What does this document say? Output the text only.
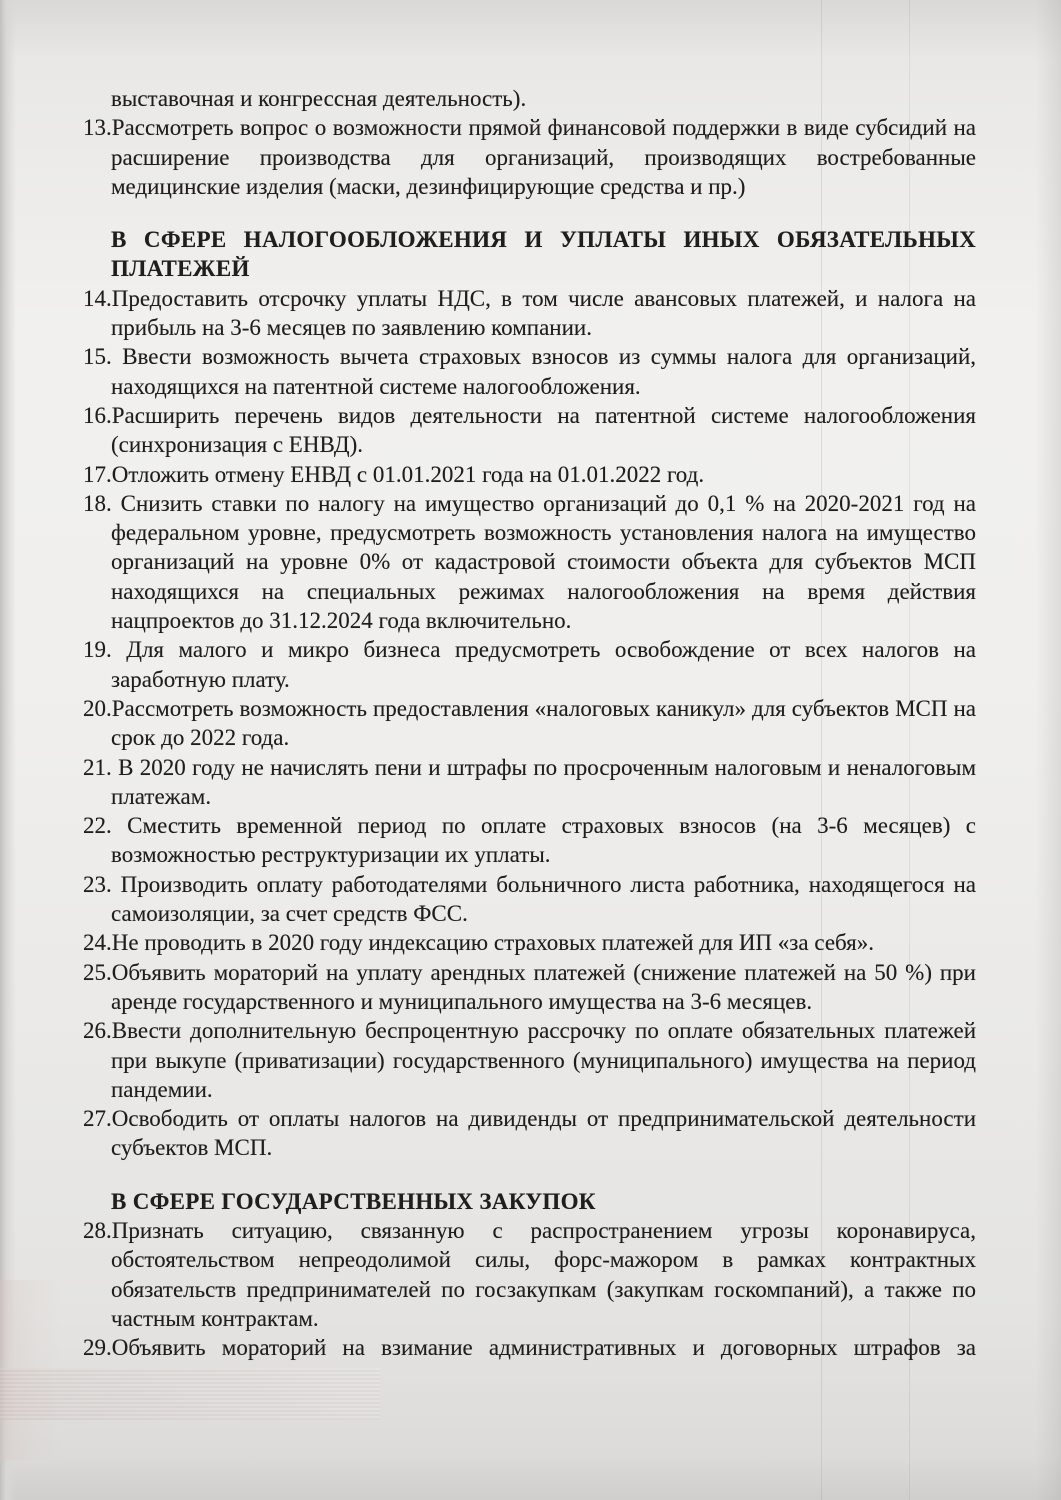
выставочная и конгрессная деятельность).
13.Рассмотреть вопрос о возможности прямой финансовой поддержки в виде субсидий на расширение производства для организаций, производящих востребованные медицинские изделия (маски, дезинфицирующие средства и пр.)
В СФЕРЕ НАЛОГООБЛОЖЕНИЯ И УПЛАТЫ ИНЫХ ОБЯЗАТЕЛЬНЫХ ПЛАТЕЖЕЙ
14.Предоставить отсрочку уплаты НДС, в том числе авансовых платежей, и налога на прибыль на 3-6 месяцев по заявлению компании.
15. Ввести возможность вычета страховых взносов из суммы налога для организаций, находящихся на патентной системе налогообложения.
16.Расширить перечень видов деятельности на патентной системе налогообложения (синхронизация с ЕНВД).
17.Отложить отмену ЕНВД с 01.01.2021 года на 01.01.2022 год.
18. Снизить ставки по налогу на имущество организаций до 0,1 % на 2020-2021 год на федеральном уровне, предусмотреть возможность установления налога на имущество организаций на уровне 0% от кадастровой стоимости объекта для субъектов МСП находящихся на специальных режимах налогообложения на время действия нацпроектов до 31.12.2024 года включительно.
19. Для малого и микро бизнеса предусмотреть освобождение от всех налогов на заработную плату.
20.Рассмотреть возможность предоставления «налоговых каникул» для субъектов МСП на срок до 2022 года.
21. В 2020 году не начислять пени и штрафы по просроченным налоговым и неналоговым платежам.
22. Сместить временной период по оплате страховых взносов (на 3-6 месяцев) с возможностью реструктуризации их уплаты.
23. Производить оплату работодателями больничного листа работника, находящегося на самоизоляции, за счет средств ФСС.
24.Не проводить в 2020 году индексацию страховых платежей для ИП «за себя».
25.Объявить мораторий на уплату арендных платежей (снижение платежей на 50 %) при аренде государственного и муниципального имущества на 3-6 месяцев.
26.Ввести дополнительную беспроцентную рассрочку по оплате обязательных платежей при выкупе (приватизации) государственного (муниципального) имущества на период пандемии.
27.Освободить от оплаты налогов на дивиденды от предпринимательской деятельности субъектов МСП.
В СФЕРЕ ГОСУДАРСТВЕННЫХ ЗАКУПОК
28.Признать ситуацию, связанную с распространением угрозы коронавируса, обстоятельством непреодолимой силы, форс-мажором в рамках контрактных обязательств предпринимателей по госзакупкам (закупкам госкомпаний), а также по частным контрактам.
29.Объявить мораторий на взимание административных и договорных штрафов за
